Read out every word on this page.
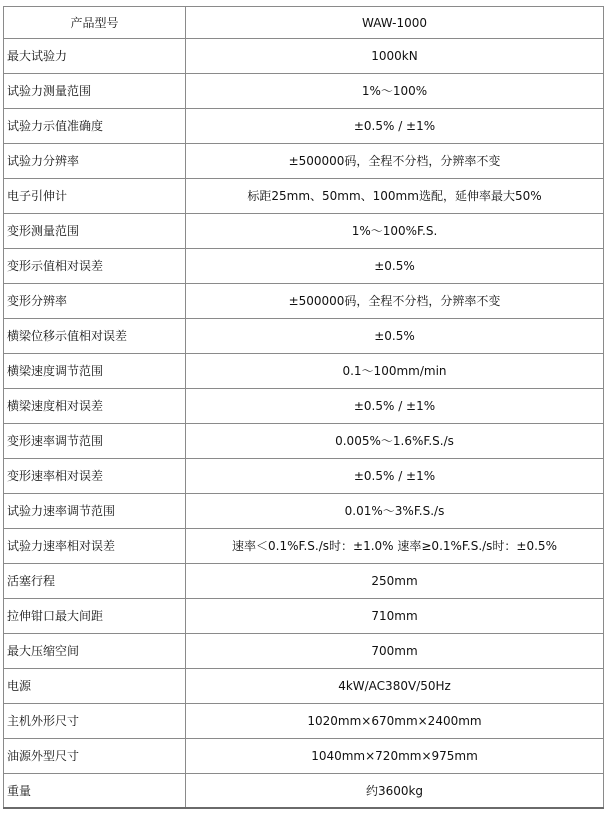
产品型号	WAW-1000
最大试验力	1000kN
试验力测量范围	1%～100%
试验力示值准确度	±0.5% / ±1%
试验力分辨率	±500000码，全程不分档，分辨率不变
电子引伸计	标距25mm、50mm、100mm选配，延伸率最大50%
变形测量范围	1%～100%F.S.
变形示值相对误差	±0.5%
变形分辨率	±500000码，全程不分档，分辨率不变
横梁位移示值相对误差	±0.5%
横梁速度调节范围	0.1～100mm/min
横梁速度相对误差	±0.5% / ±1%
变形速率调节范围	0.005%～1.6%F.S./s
变形速率相对误差	±0.5% / ±1%
试验力速率调节范围	0.01%～3%F.S./s
试验力速率相对误差	速率＜0.1%F.S./s时：±1.0% 速率≥0.1%F.S./s时：±0.5%
活塞行程	250mm
拉伸钳口最大间距	710mm
最大压缩空间	700mm
电源	4kW/AC380V/50Hz
主机外形尺寸	1020mm×670mm×2400mm
油源外型尺寸	1040mm×720mm×975mm
重量	约3600kg
